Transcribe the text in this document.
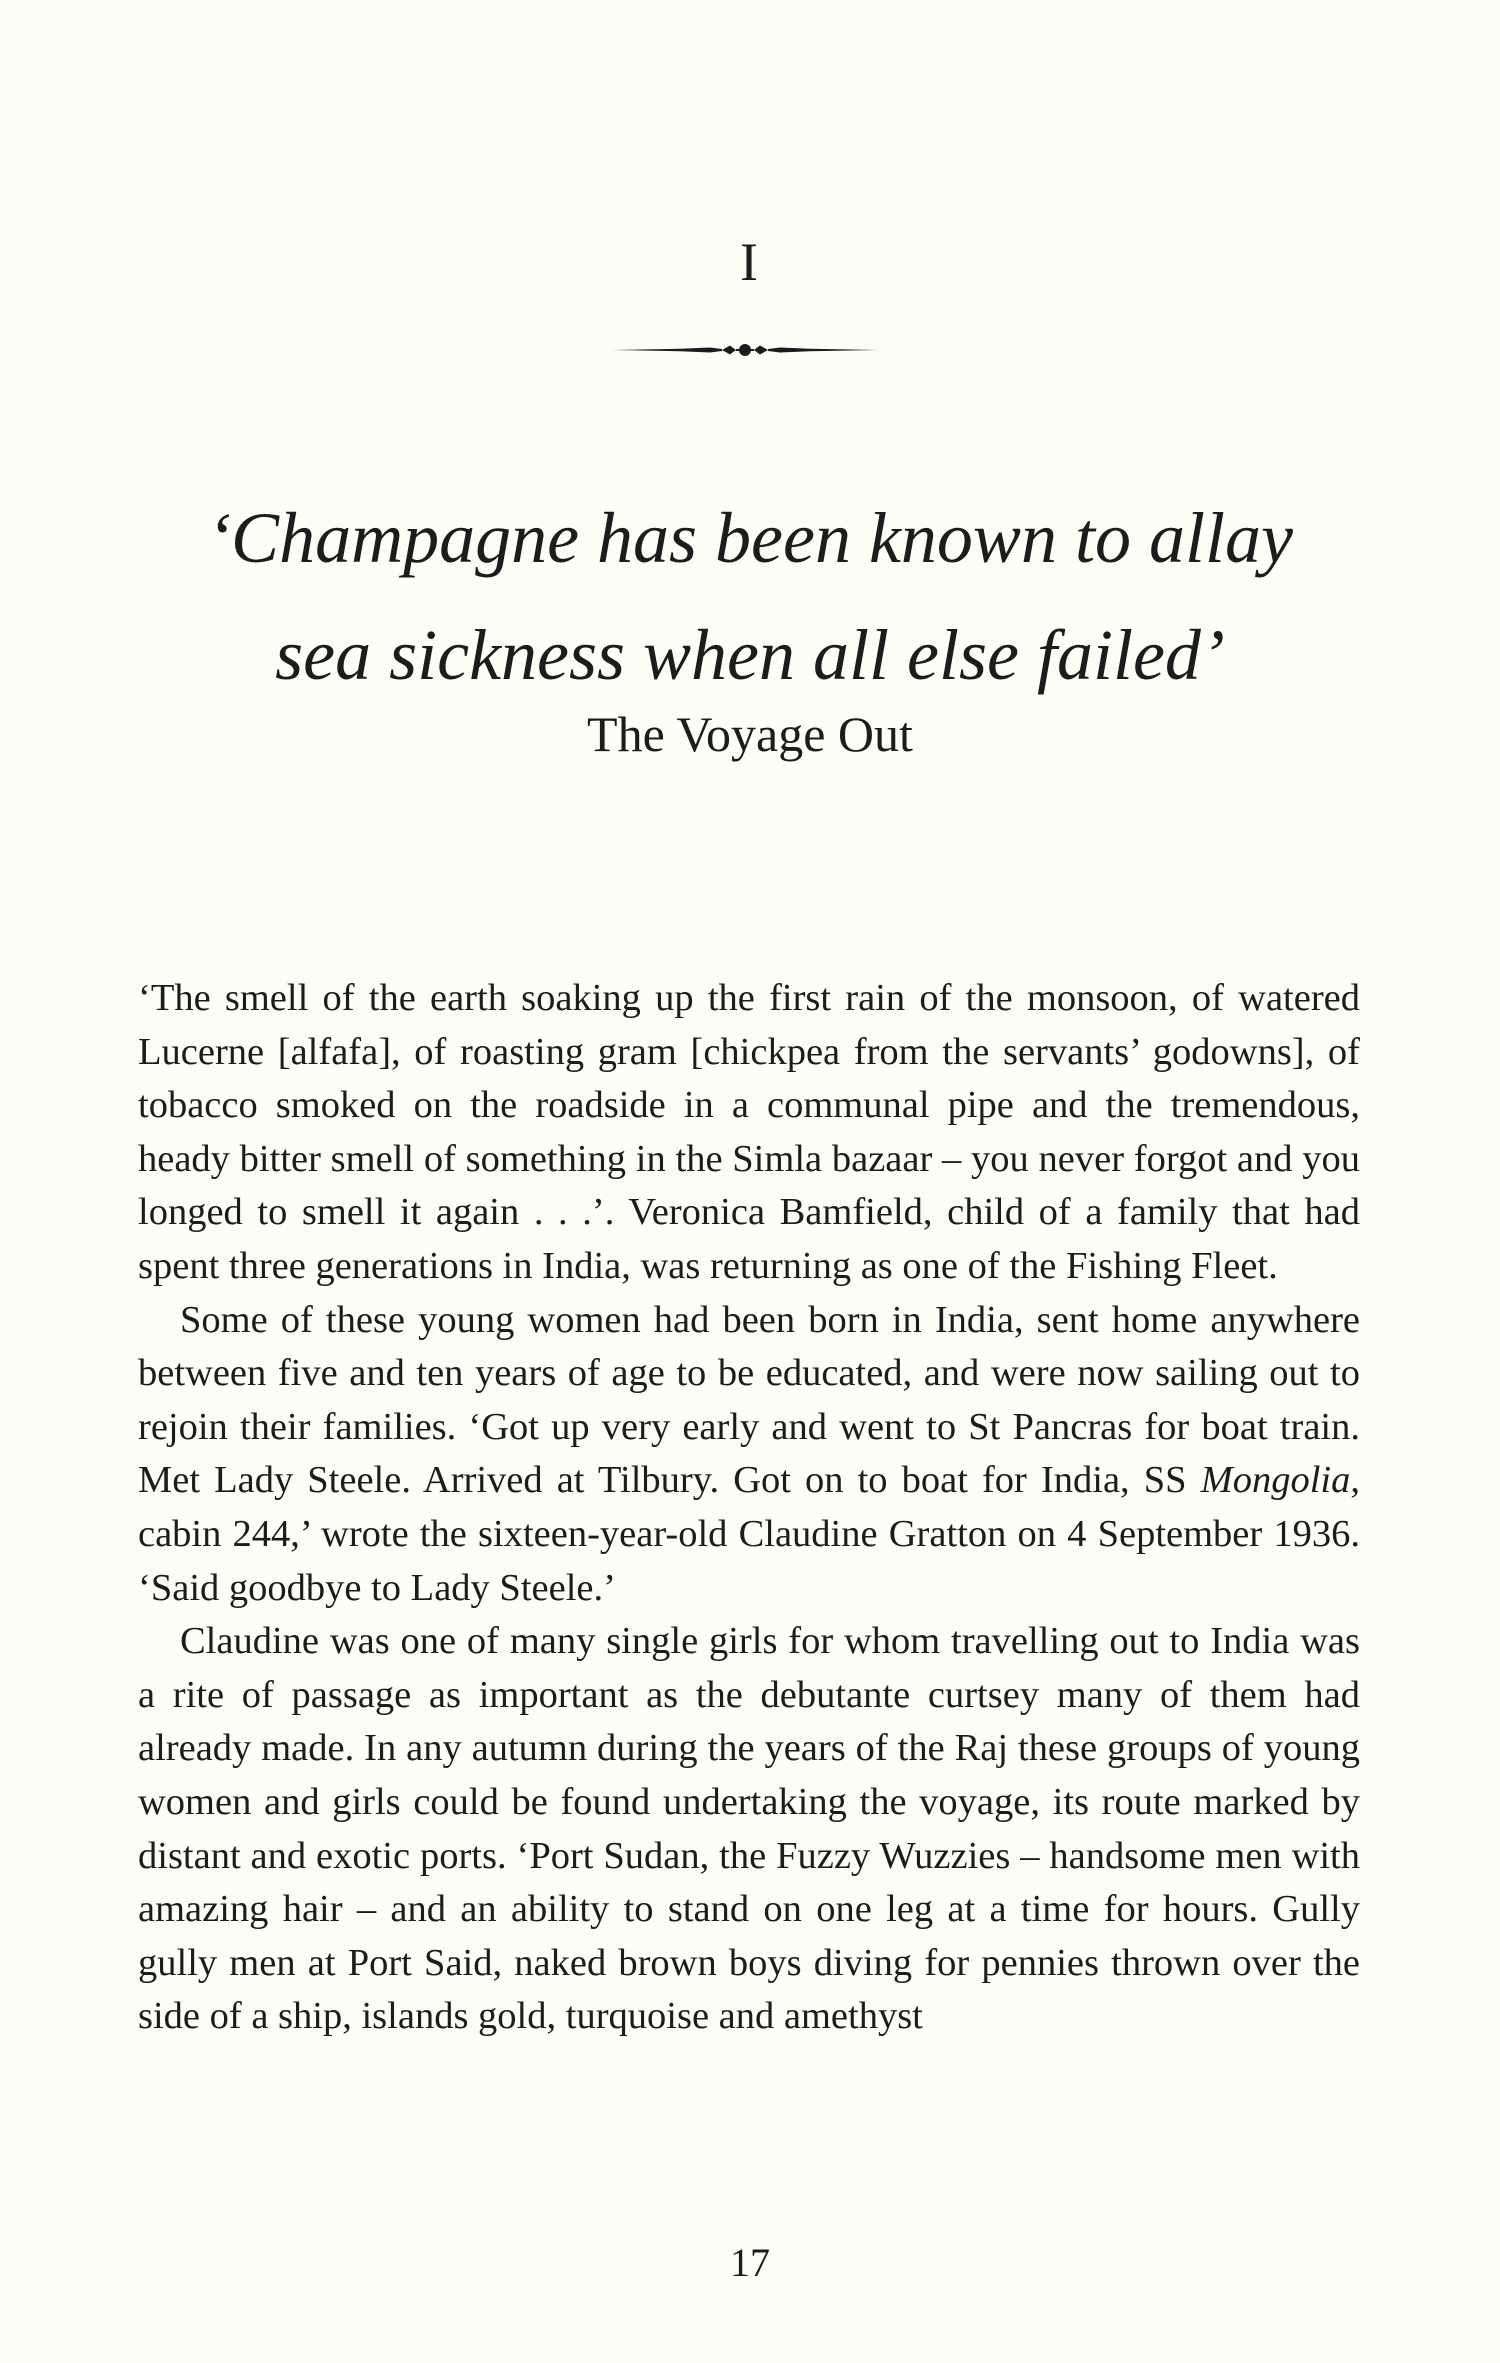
I
‘Champagne has been known to allay
sea sickness when all else failed’
The Voyage Out

‘The smell of the earth soaking up the first rain of the monsoon, of watered Lucerne [alfafa], of roasting gram [chickpea from the servants’ godowns], of tobacco smoked on the roadside in a communal pipe and the tremendous, heady bitter smell of something in the Simla bazaar – you never forgot and you longed to smell it again . . .’. Veronica Bamfield, child of a family that had spent three generations in India, was returning as one of the Fishing Fleet.

Some of these young women had been born in India, sent home anywhere between five and ten years of age to be educated, and were now sailing out to rejoin their families. ‘Got up very early and went to St Pancras for boat train. Met Lady Steele. Arrived at Tilbury. Got on to boat for India, SS Mongolia, cabin 244,’ wrote the sixteen-year-old Claudine Gratton on 4 September 1936. ‘Said goodbye to Lady Steele.’

Claudine was one of many single girls for whom travelling out to India was a rite of passage as important as the debutante curtsey many of them had already made. In any autumn during the years of the Raj these groups of young women and girls could be found undertaking the voyage, its route marked by distant and exotic ports. ‘Port Sudan, the Fuzzy Wuzzies – handsome men with amazing hair – and an ability to stand on one leg at a time for hours. Gully gully men at Port Said, naked brown boys diving for pennies thrown over the side of a ship, islands gold, turquoise and amethyst

17
